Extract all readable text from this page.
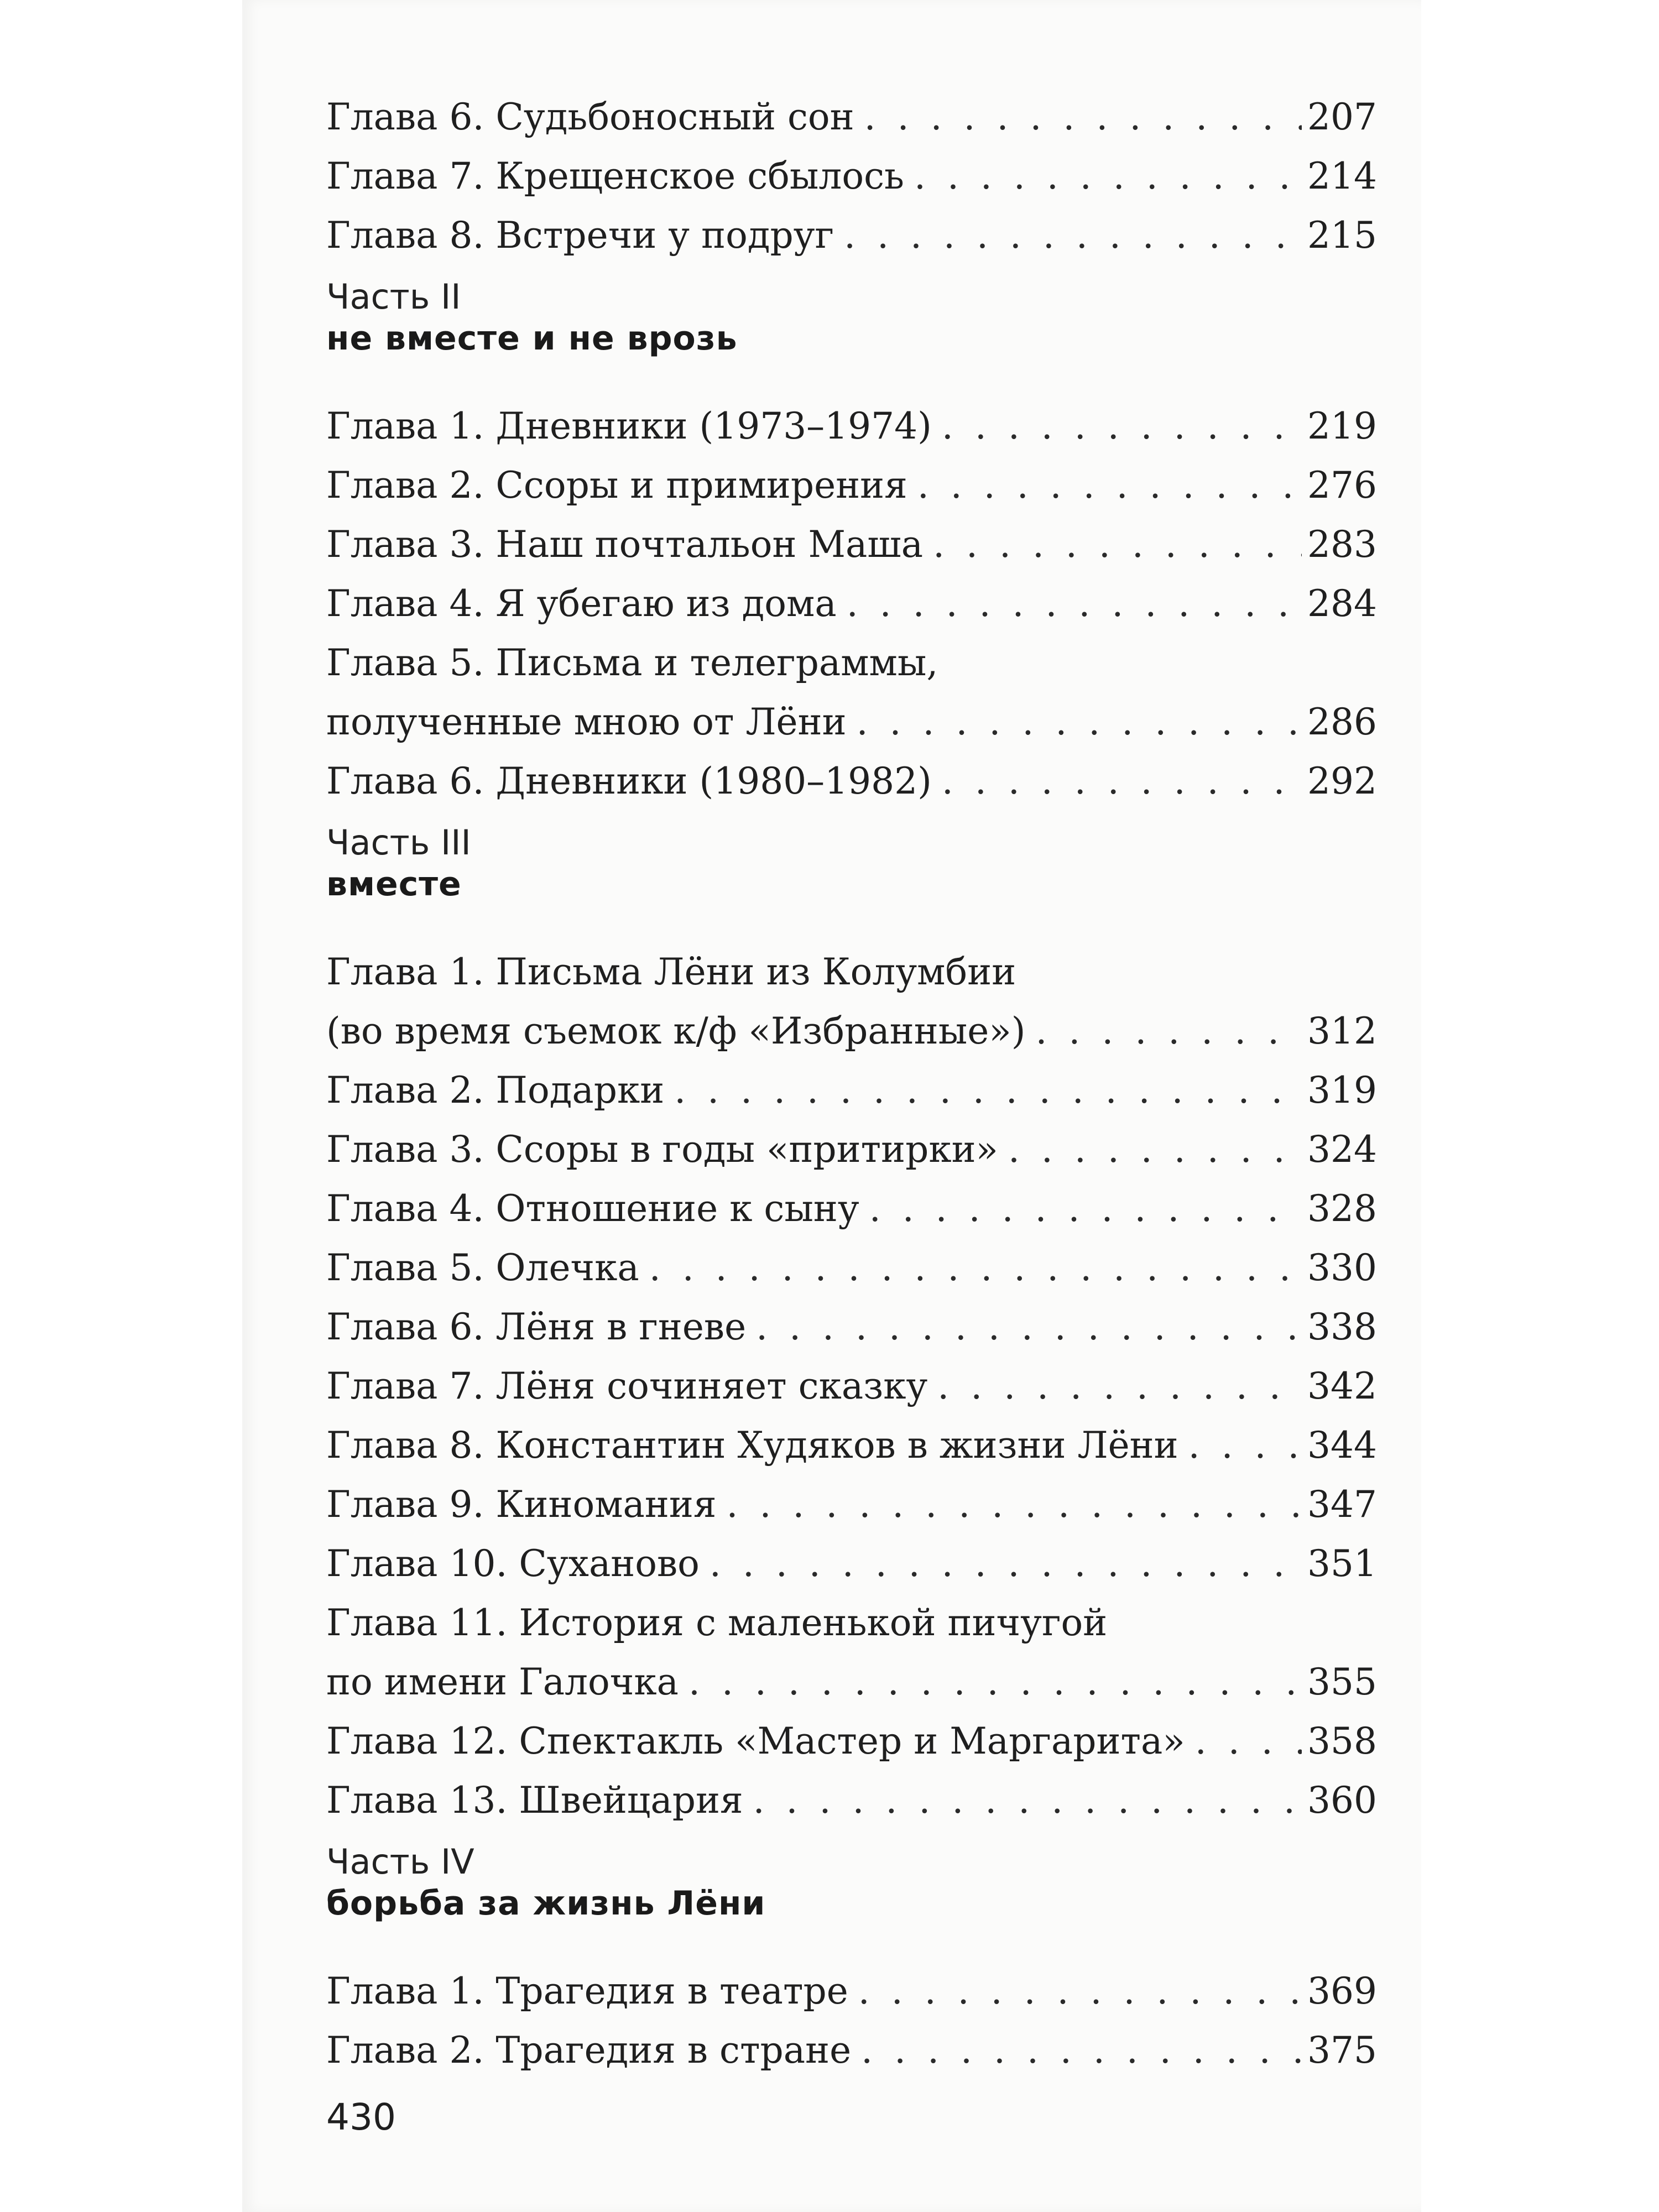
Глава 6. Судьбоносный сон . . .	207
Глава 7. Крещенское сбылось . . .	214
Глава 8. Встречи у подруг . . .	215
Часть II
не вместе и не врозь
Глава 1. Дневники (1973–1974) . . .	219
Глава 2. Ссоры и примирения . . .	276
Глава 3. Наш почтальон Маша . . .	283
Глава 4. Я убегаю из дома . . .	284
Глава 5. Письма и телеграммы,
полученные мною от Лёни . . .	286
Глава 6. Дневники (1980–1982) . . .	292
Часть III
вместе
Глава 1. Письма Лёни из Колумбии
(во время съемок к/ф «Избранные») . . .	312
Глава 2. Подарки . . .	319
Глава 3. Ссоры в годы «притирки» . . .	324
Глава 4. Отношение к сыну . . .	328
Глава 5. Олечка . . .	330
Глава 6. Лёня в гневе . . .	338
Глава 7. Лёня сочиняет сказку . . .	342
Глава 8. Константин Худяков в жизни Лёни . . .	344
Глава 9. Киномания . . .	347
Глава 10. Суханово . . .	351
Глава 11. История с маленькой пичугой
по имени Галочка . . .	355
Глава 12. Спектакль «Мастер и Маргарита» . . .	358
Глава 13. Швейцария . . .	360
Часть IV
борьба за жизнь Лёни
Глава 1. Трагедия в театре . . .	369
Глава 2. Трагедия в стране . . .	375
430
